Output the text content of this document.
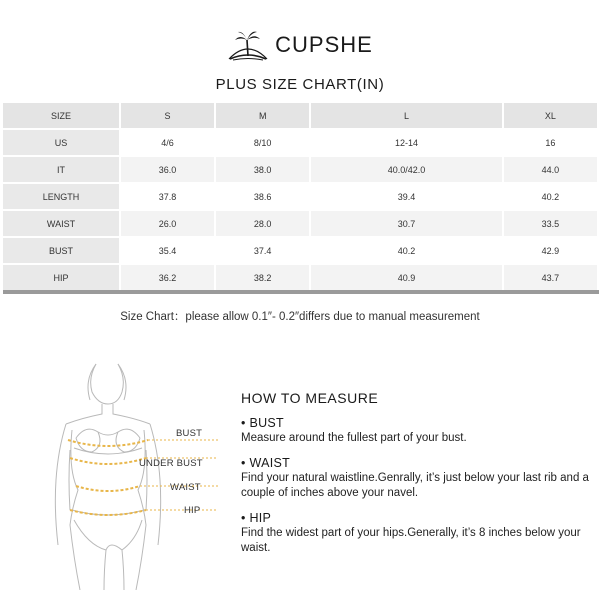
CUPSHE
PLUS SIZE CHART(IN)
SIZE	S	M	L	XL
US	4/6	8/10	12-14	16
IT	36.0	38.0	40.0/42.0	44.0
LENGTH	37.8	38.6	39.4	40.2
WAIST	26.0	28.0	30.7	33.5
BUST	35.4	37.4	40.2	42.9
HIP	36.2	38.2	40.9	43.7
Size Chart：please allow 0.1″- 0.2″differs due to manual measurement
BUST
UNDER BUST
WAIST
HIP
HOW TO MEASURE
• BUST
Measure around the fullest part of your bust.
• WAIST
Find your natural waistline.Genrally, it’s just below your last rib and a couple of inches above your navel.
• HIP
Find the widest part of your hips.Generally, it’s 8 inches below your waist.
